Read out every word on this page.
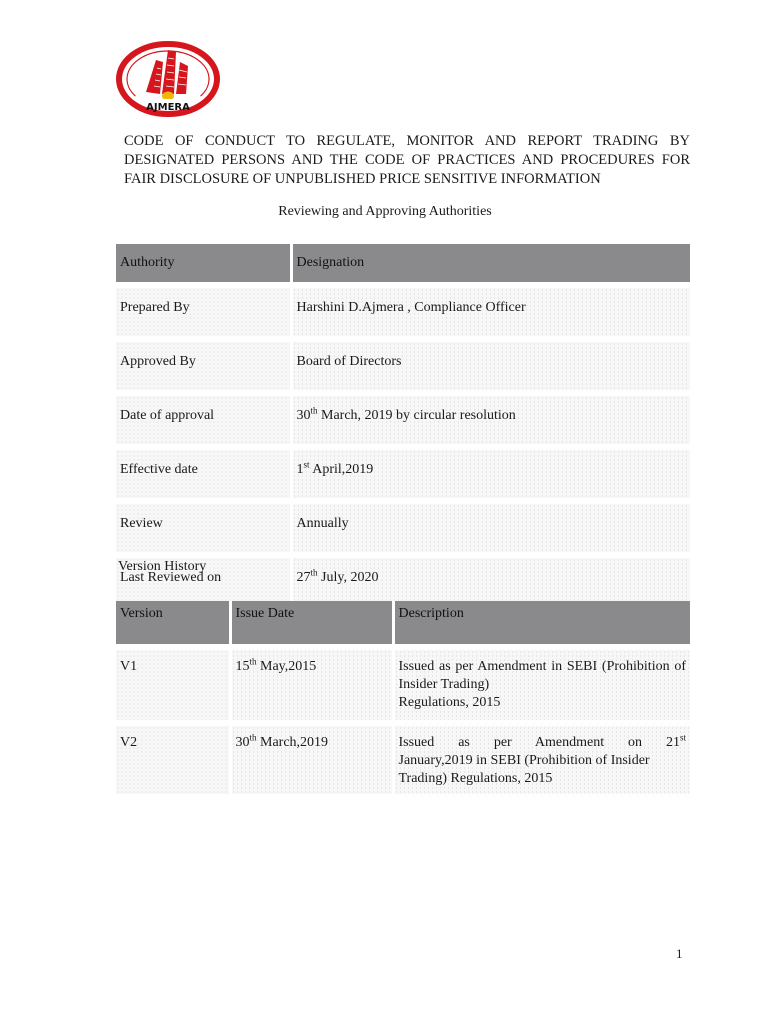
AJMERA
CODE OF CONDUCT TO REGULATE, MONITOR AND REPORT TRADING BY
DESIGNATED PERSONS AND THE CODE OF PRACTICES AND PROCEDURES FOR
FAIR DISCLOSURE OF UNPUBLISHED PRICE SENSITIVE INFORMATION
Reviewing and Approving Authorities
Authority	Designation

Prepared By	Harshini D.Ajmera , Compliance Officer

Approved By	Board of Directors

Date of approval	30th March, 2019 by circular resolution

Effective date	1st April,2019

Review	Annually

Last Reviewed on	27th July, 2020
Version History
Version	Issue Date	Description

V1	15th May,2015	Issued as per Amendment in SEBI (Prohibition of
Insider Trading)
Regulations, 2015

V2	30th March,2019	Issued as per Amendment on 21st
January,2019 in SEBI (Prohibition of Insider
Trading) Regulations, 2015
1
